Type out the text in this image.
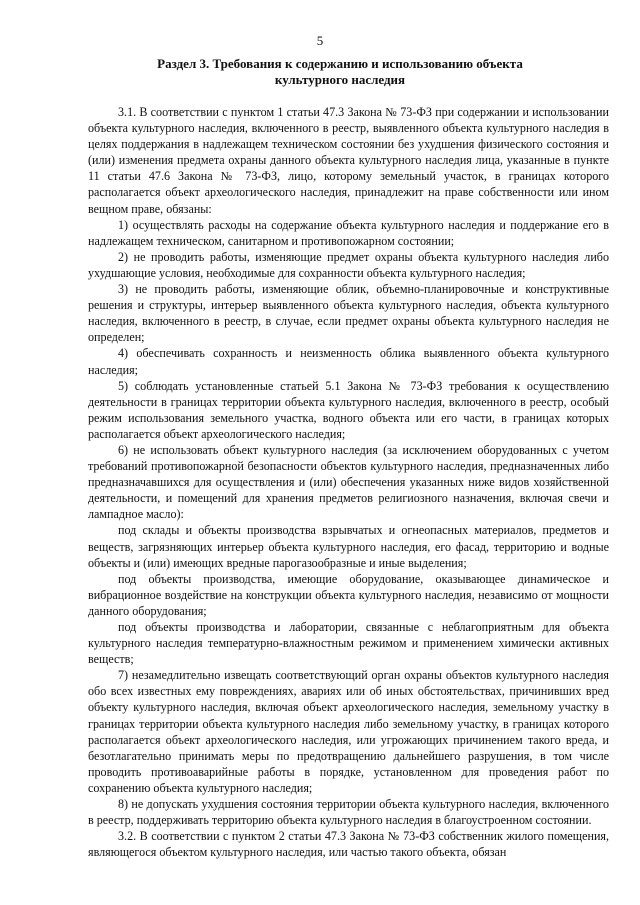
5
Раздел 3. Требования к содержанию и использованию объекта культурного наследия

3.1. В соответствии с пунктом 1 статьи 47.3 Закона № 73-ФЗ при содержании и использовании объекта культурного наследия, включенного в реестр, выявленного объекта культурного наследия в целях поддержания в надлежащем техническом состоянии без ухудшения физического состояния и (или) изменения предмета охраны данного объекта культурного наследия лица, указанные в пункте 11 статьи 47.6 Закона № 73-ФЗ, лицо, которому земельный участок, в границах которого располагается объект археологического наследия, принадлежит на праве собственности или ином вещном праве, обязаны:

1) осуществлять расходы на содержание объекта культурного наследия и поддержание его в надлежащем техническом, санитарном и противопожарном состоянии;

2) не проводить работы, изменяющие предмет охраны объекта культурного наследия либо ухудшающие условия, необходимые для сохранности объекта культурного наследия;

3) не проводить работы, изменяющие облик, объемно-планировочные и конструктивные решения и структуры, интерьер выявленного объекта культурного наследия, объекта культурного наследия, включенного в реестр, в случае, если предмет охраны объекта культурного наследия не определен;

4) обеспечивать сохранность и неизменность облика выявленного объекта культурного наследия;

5) соблюдать установленные статьей 5.1 Закона № 73-ФЗ требования к осуществлению деятельности в границах территории объекта культурного наследия, включенного в реестр, особый режим использования земельного участка, водного объекта или его части, в границах которых располагается объект археологического наследия;

6) не использовать объект культурного наследия (за исключением оборудованных с учетом требований противопожарной безопасности объектов культурного наследия, предназначенных либо предназначавшихся для осуществления и (или) обеспечения указанных ниже видов хозяйственной деятельности, и помещений для хранения предметов религиозного назначения, включая свечи и лампадное масло):

под склады и объекты производства взрывчатых и огнеопасных материалов, предметов и веществ, загрязняющих интерьер объекта культурного наследия, его фасад, территорию и водные объекты и (или) имеющих вредные парогазообразные и иные выделения;

под объекты производства, имеющие оборудование, оказывающее динамическое и вибрационное воздействие на конструкции объекта культурного наследия, независимо от мощности данного оборудования;

под объекты производства и лаборатории, связанные с неблагоприятным для объекта культурного наследия температурно-влажностным режимом и применением химически активных веществ;

7) незамедлительно извещать соответствующий орган охраны объектов культурного наследия обо всех известных ему повреждениях, авариях или об иных обстоятельствах, причинивших вред объекту культурного наследия, включая объект археологического наследия, земельному участку в границах территории объекта культурного наследия либо земельному участку, в границах которого располагается объект археологического наследия, или угрожающих причинением такого вреда, и безотлагательно принимать меры по предотвращению дальнейшего разрушения, в том числе проводить противоаварийные работы в порядке, установленном для проведения работ по сохранению объекта культурного наследия;

8) не допускать ухудшения состояния территории объекта культурного наследия, включенного в реестр, поддерживать территорию объекта культурного наследия в благоустроенном состоянии.

3.2. В соответствии с пунктом 2 статьи 47.3 Закона № 73-ФЗ собственник жилого помещения, являющегося объектом культурного наследия, или частью такого объекта, обязан
